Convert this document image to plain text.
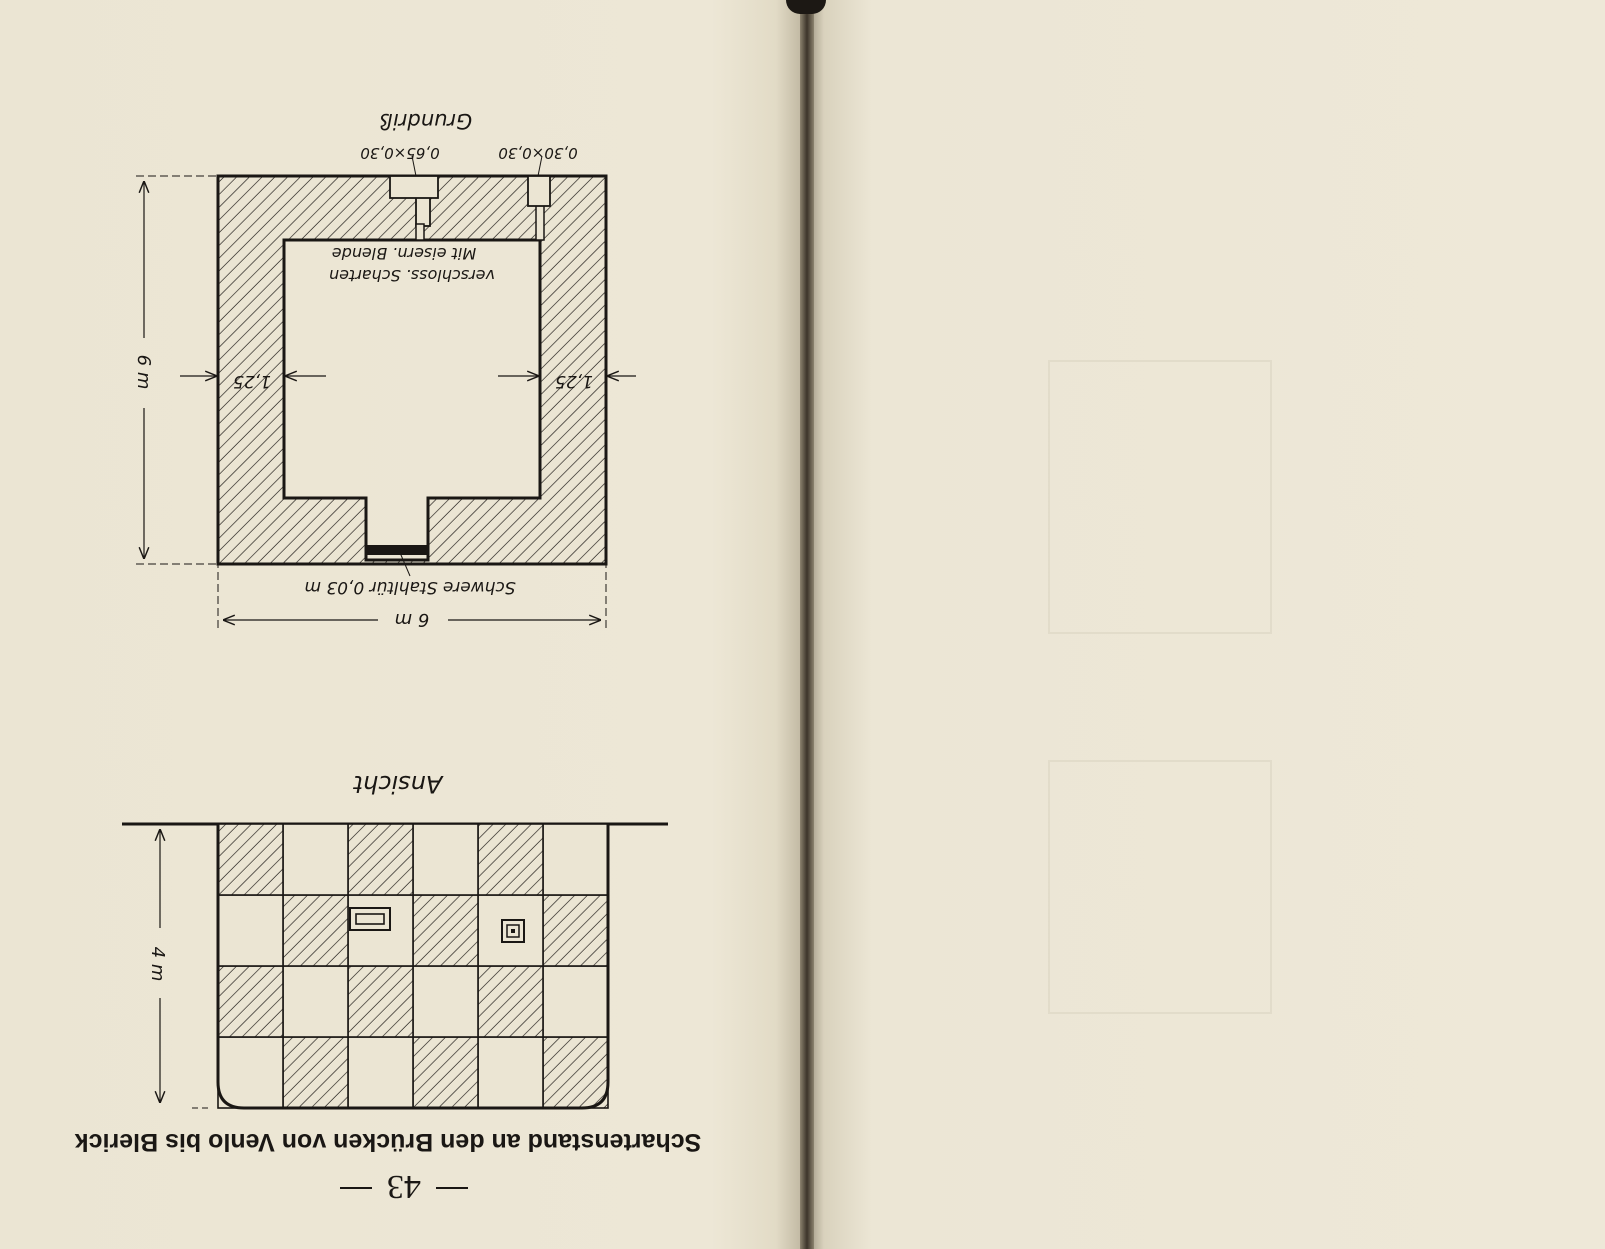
43
Schartenstand an den Brücken von Venlo bis Blerick
Ansicht
4 m
Schwere Stahltür 0,03 m
6 m
6 m	1,25
1,25
verschloss. Scharten
Mit eisern. Blende
0,65×0,30	0,30×0,30
Grundriß
